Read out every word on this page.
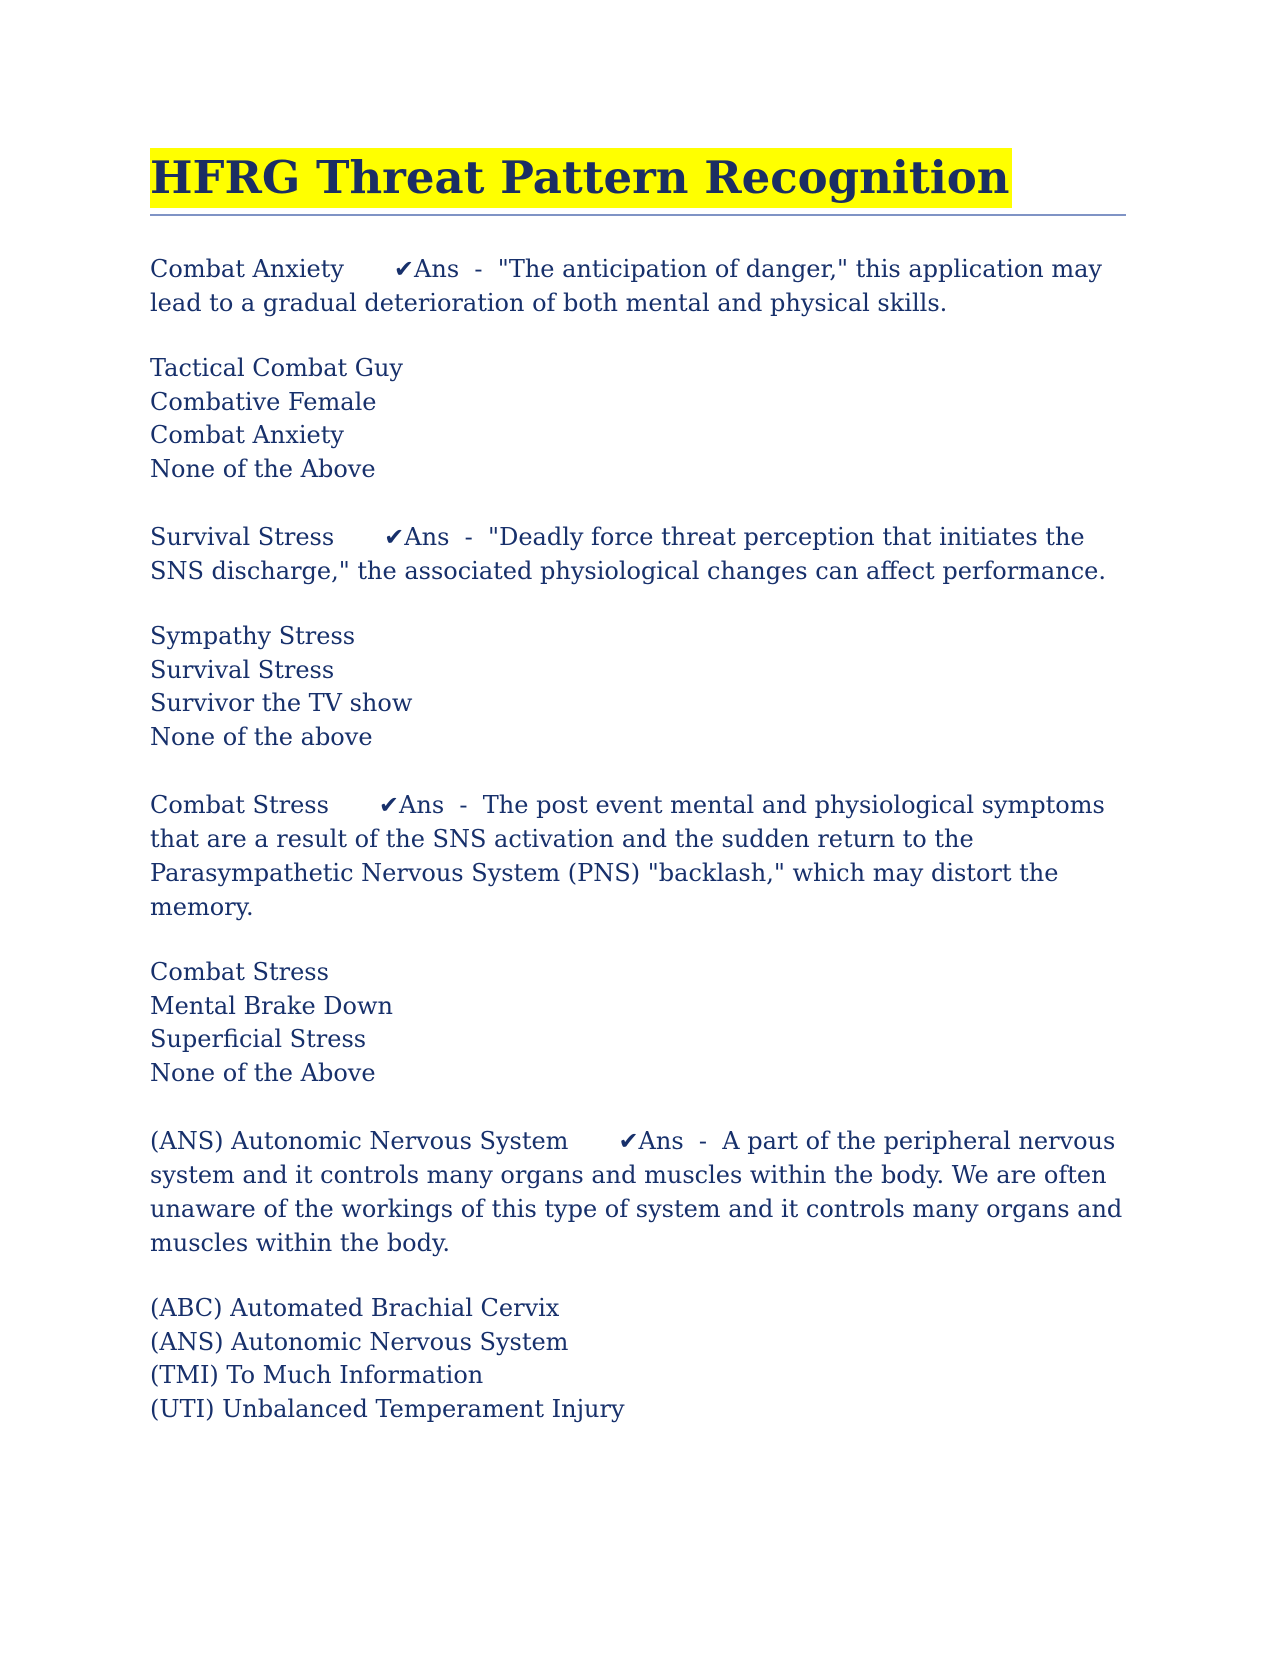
HFRG Threat Pattern Recognition

Combat Anxiety ✔Ans - "The anticipation of danger," this application may lead to a gradual deterioration of both mental and physical skills.

Tactical Combat Guy
Combative Female
Combat Anxiety
None of the Above

Survival Stress ✔Ans - "Deadly force threat perception that initiates the SNS discharge," the associated physiological changes can affect performance.

Sympathy Stress
Survival Stress
Survivor the TV show
None of the above

Combat Stress ✔Ans - The post event mental and physiological symptoms that are a result of the SNS activation and the sudden return to the Parasympathetic Nervous System (PNS) "backlash," which may distort the memory.

Combat Stress
Mental Brake Down
Superficial Stress
None of the Above

(ANS) Autonomic Nervous System ✔Ans - A part of the peripheral nervous system and it controls many organs and muscles within the body. We are often unaware of the workings of this type of system and it controls many organs and muscles within the body.

(ABC) Automated Brachial Cervix
(ANS) Autonomic Nervous System
(TMI) To Much Information
(UTI) Unbalanced Temperament Injury
